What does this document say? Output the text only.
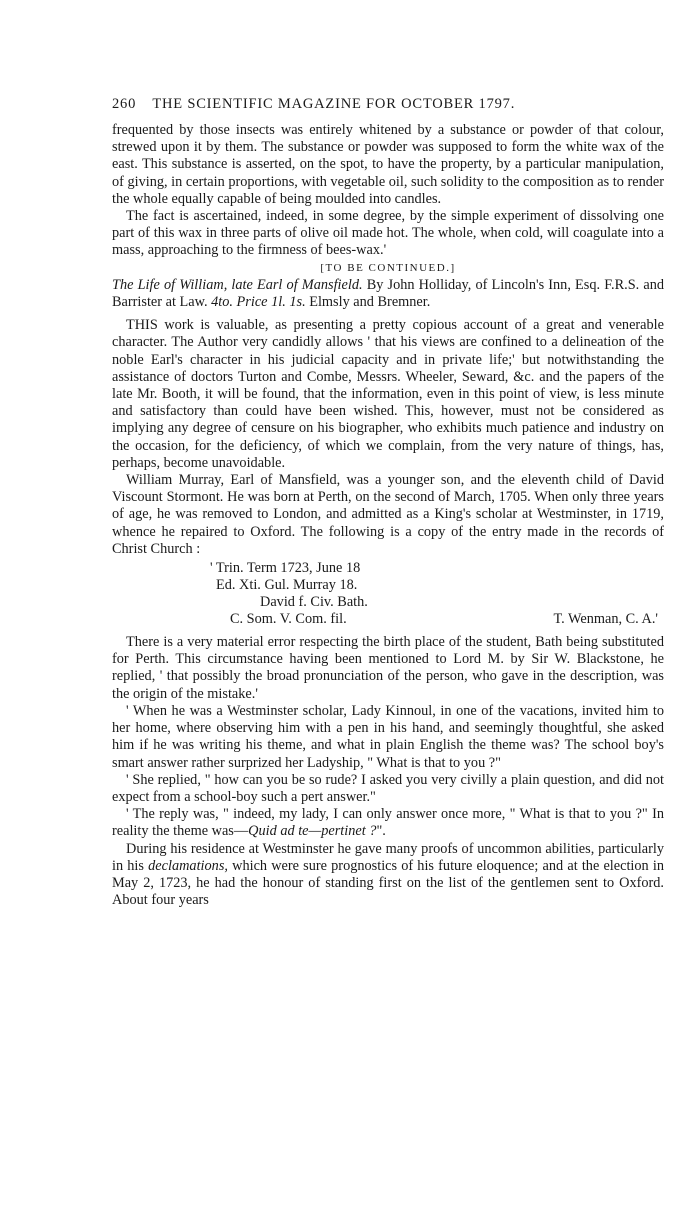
260 THE SCIENTIFIC MAGAZINE FOR OCTOBER 1797.

frequented by those insects was entirely whitened by a substance or powder of that colour, strewed upon it by them. The substance or powder was supposed to form the white wax of the east. This substance is asserted, on the spot, to have the property, by a particular manipulation, of giving, in certain proportions, with vegetable oil, such solidity to the composition as to render the whole equally capable of being moulded into candles.

The fact is ascertained, indeed, in some degree, by the simple experiment of dissolving one part of this wax in three parts of olive oil made hot. The whole, when cold, will coagulate into a mass, approaching to the firmness of bees-wax.'

[TO BE CONTINUED.]

The Life of William, late Earl of Mansfield. By John Holliday, of Lincoln's Inn, Esq. F.R.S. and Barrister at Law. 4to. Price 1l. 1s. Elmsly and Bremner.

THIS work is valuable, as presenting a pretty copious account of a great and venerable character. The Author very candidly allows ' that his views are confined to a delineation of the noble Earl's character in his judicial capacity and in private life;' but notwithstanding the assistance of doctors Turton and Combe, Messrs. Wheeler, Seward, &c. and the papers of the late Mr. Booth, it will be found, that the information, even in this point of view, is less minute and satisfactory than could have been wished. This, however, must not be considered as implying any degree of censure on his biographer, who exhibits much patience and industry on the occasion, for the deficiency, of which we complain, from the very nature of things, has, perhaps, become unavoidable.

William Murray, Earl of Mansfield, was a younger son, and the eleventh child of David Viscount Stormont. He was born at Perth, on the second of March, 1705. When only three years of age, he was removed to London, and admitted as a King's scholar at Westminster, in 1719, whence he repaired to Oxford. The following is a copy of the entry made in the records of Christ Church :

' Trin. Term 1723, June 18
Ed. Xti. Gul. Murray 18.
David f. Civ. Bath.
C. Som. V. Com. fil.	T. Wenman, C. A.'

There is a very material error respecting the birth place of the student, Bath being substituted for Perth. This circumstance having been mentioned to Lord M. by Sir W. Blackstone, he replied, ' that possibly the broad pronunciation of the person, who gave in the description, was the origin of the mistake.'

' When he was a Westminster scholar, Lady Kinnoul, in one of the vacations, invited him to her home, where observing him with a pen in his hand, and seemingly thoughtful, she asked him if he was writing his theme, and what in plain English the theme was? The school boy's smart answer rather surprized her Ladyship, " What is that to you ?"

' She replied, " how can you be so rude? I asked you very civilly a plain question, and did not expect from a school-boy such a pert answer."

' The reply was, " indeed, my lady, I can only answer once more, " What is that to you ?" In reality the theme was—Quid ad te—pertinet ?".

During his residence at Westminster he gave many proofs of uncommon abilities, particularly in his declamations, which were sure prognostics of his future eloquence; and at the election in May 2, 1723, he had the honour of standing first on the list of the gentlemen sent to Oxford. About four years
